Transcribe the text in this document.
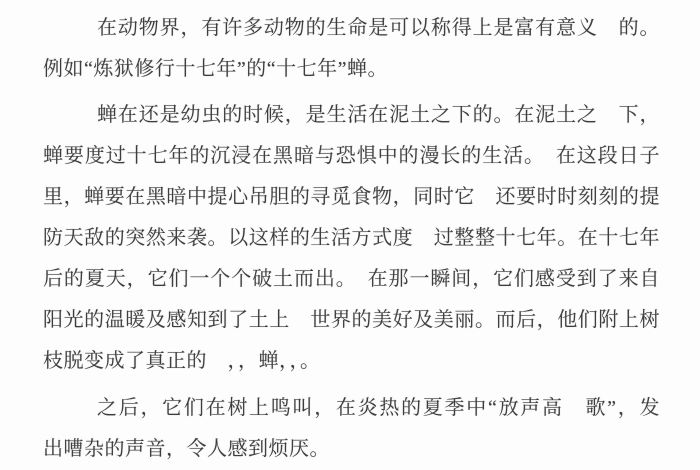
在动物界，有许多动物的生命是可以称得上是富有意义　的。
例如“炼狱修行十七年”的“十七年”蝉。
蝉在还是幼虫的时候，是生活在泥土之下的。在泥土之　下，
蝉要度过十七年的沉浸在黑暗与恐惧中的漫长的生活。　在这段日子
里，蝉要在黑暗中提心吊胆的寻觅食物，同时它　还要时时刻刻的提
防天敌的突然来袭。以这样的生活方式度　过整整十七年。在十七年
后的夏天，它们一个个破土而出。　在那一瞬间，它们感受到了来自
阳光的温暖及感知到了土上　世界的美好及美丽。而后，他们附上树
枝脱变成了真正的　，，蝉，，。
之后，它们在树上鸣叫，在炎热的夏季中“放声高　歌”，发
出嘈杂的声音，令人感到烦厌。
